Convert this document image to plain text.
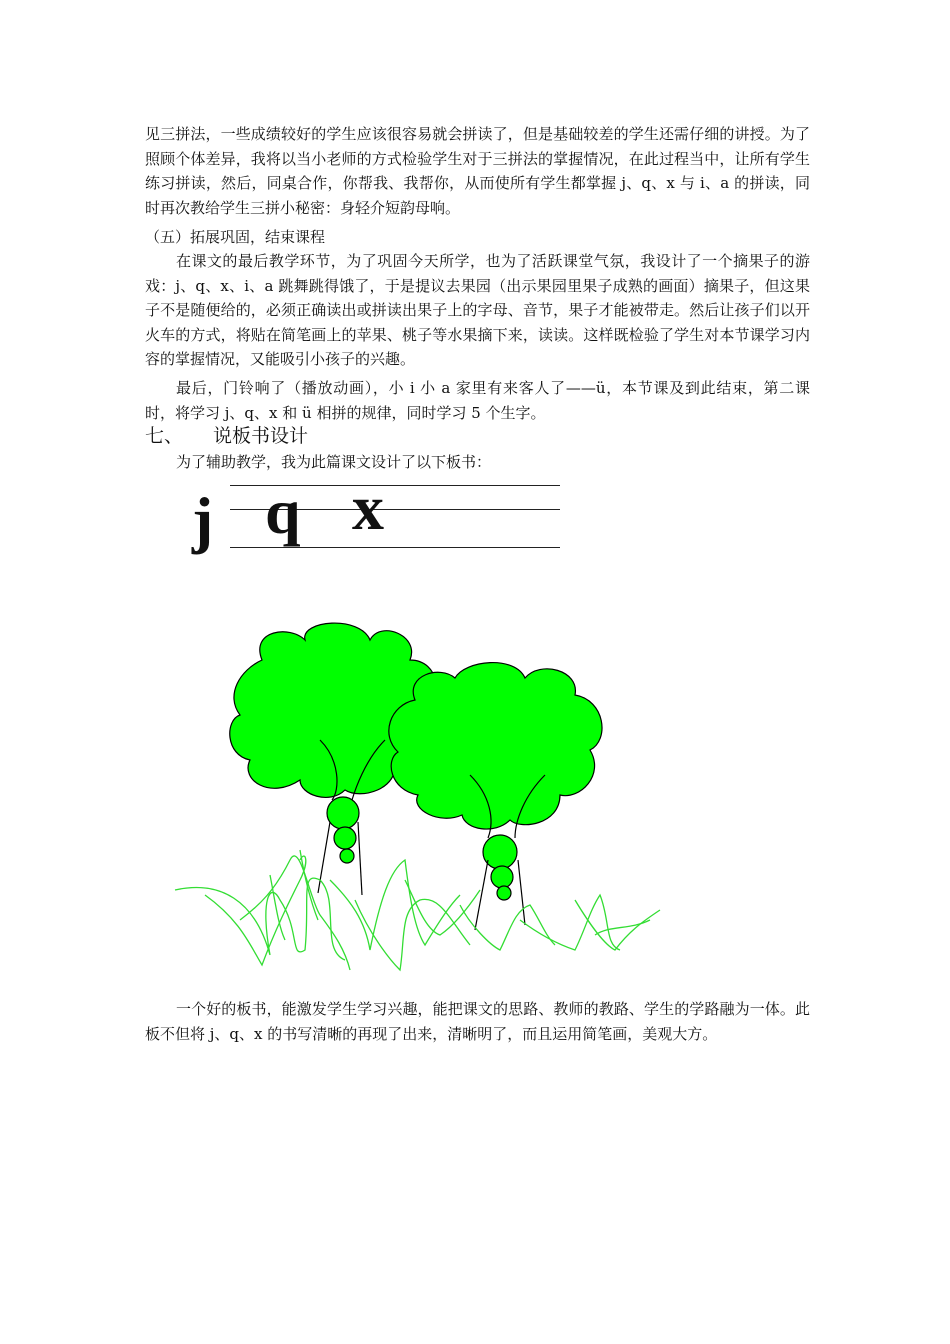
见三拼法，一些成绩较好的学生应该很容易就会拼读了，但是基础较差的学生还需仔细的讲授。为了照顾个体差异，我将以当小老师的方式检验学生对于三拼法的掌握情况，在此过程当中，让所有学生练习拼读，然后，同桌合作，你帮我、我帮你，从而使所有学生都掌握 j、q、x 与 i、a 的拼读，同时再次教给学生三拼小秘密：身轻介短韵母响。

（五）拓展巩固，结束课程

在课文的最后教学环节，为了巩固今天所学，也为了活跃课堂气氛，我设计了一个摘果子的游戏：j、q、x、i、a 跳舞跳得饿了，于是提议去果园（出示果园里果子成熟的画面）摘果子，但这果子不是随便给的，必须正确读出或拼读出果子上的字母、音节，果子才能被带走。然后让孩子们以开火车的方式，将贴在简笔画上的苹果、桃子等水果摘下来，读读。这样既检验了学生对本节课学习内容的掌握情况，又能吸引小孩子的兴趣。

最后，门铃响了（播放动画），小 i 小 a 家里有来客人了——ü，本节课及到此结束，第二课时，将学习 j、q、x 和 ü 相拼的规律，同时学习 5 个生字。

七、 说板书设计

为了辅助教学，我为此篇课文设计了以下板书：

j q x

一个好的板书，能激发学生学习兴趣，能把课文的思路、教师的教路、学生的学路融为一体。此板不但将 j、q、x 的书写清晰的再现了出来，清晰明了，而且运用简笔画，美观大方。
